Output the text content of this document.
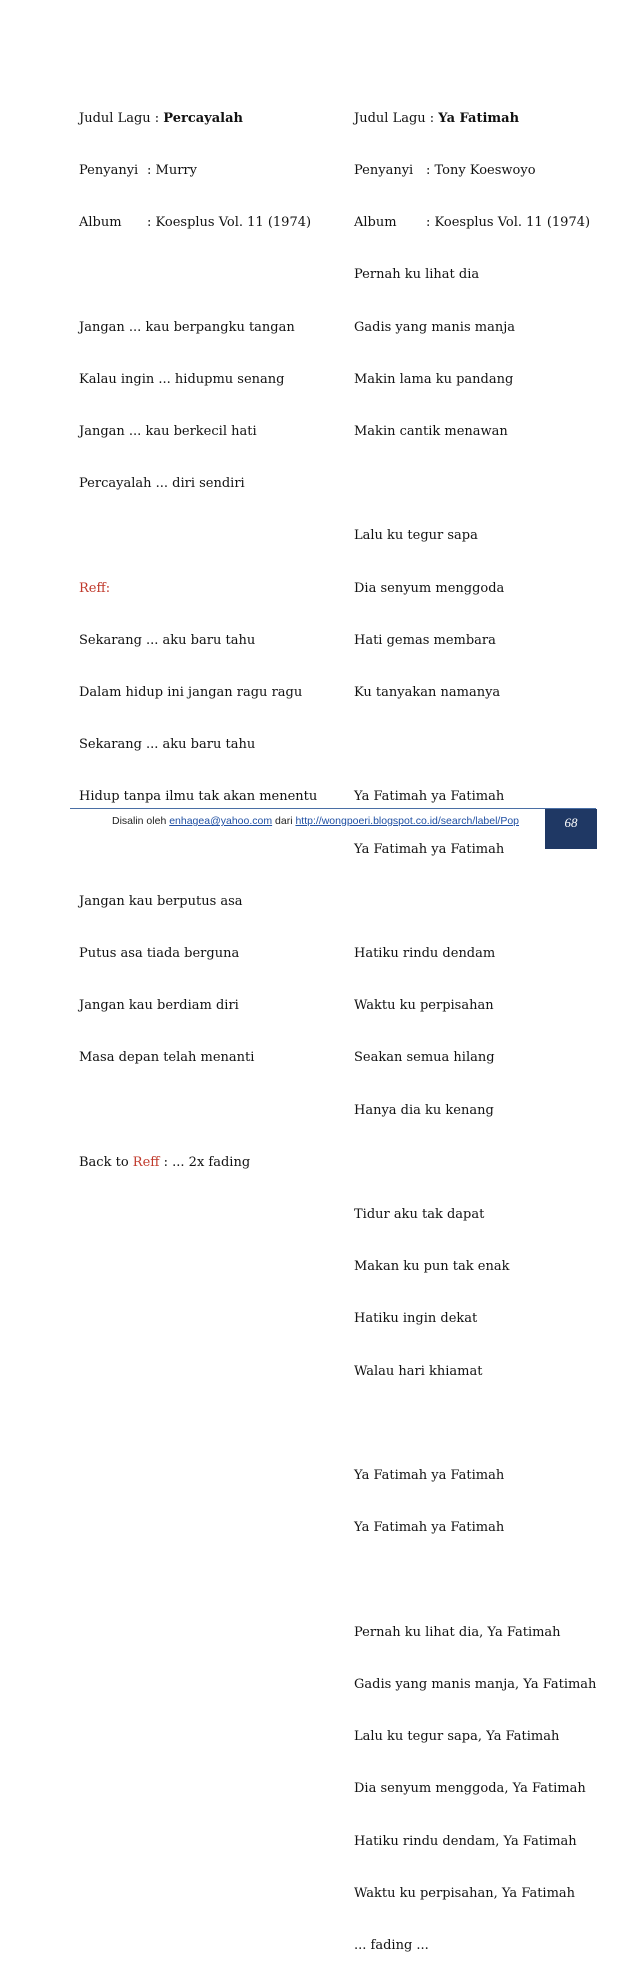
Judul Lagu : Percayalah

Penyanyi : Murry

Album	: Koesplus Vol. 11 (1974)

Jangan ... kau berpangku tangan

Kalau ingin ... hidupmu senang

Jangan ... kau berkecil hati

Percayalah ... diri sendiri

Reff:

Sekarang ... aku baru tahu

Dalam hidup ini jangan ragu ragu

Sekarang ... aku baru tahu

Hidup tanpa ilmu tak akan menentu

Jangan kau berputus asa

Putus asa tiada berguna

Jangan kau berdiam diri

Masa depan telah menanti

Back to Reff : ... 2x fading

Judul Lagu : Ya Fatimah

Penyanyi : Tony Koeswoyo

Album	: Koesplus Vol. 11 (1974)

Pernah ku lihat dia

Gadis yang manis manja

Makin lama ku pandang

Makin cantik menawan

Lalu ku tegur sapa

Dia senyum menggoda

Hati gemas membara

Ku tanyakan namanya

Ya Fatimah ya Fatimah

Ya Fatimah ya Fatimah

Hatiku rindu dendam

Waktu ku perpisahan

Seakan semua hilang

Hanya dia ku kenang

Tidur aku tak dapat

Makan ku pun tak enak

Hatiku ingin dekat

Walau hari khiamat

Ya Fatimah ya Fatimah

Ya Fatimah ya Fatimah

Pernah ku lihat dia, Ya Fatimah

Gadis yang manis manja, Ya Fatimah

Lalu ku tegur sapa, Ya Fatimah

Dia senyum menggoda, Ya Fatimah

Hatiku rindu dendam, Ya Fatimah

Waktu ku perpisahan, Ya Fatimah

... fading ...

Disalin oleh enhagea@yahoo.com dari http://wongpoeri.blogspot.co.id/search/label/Pop	68
